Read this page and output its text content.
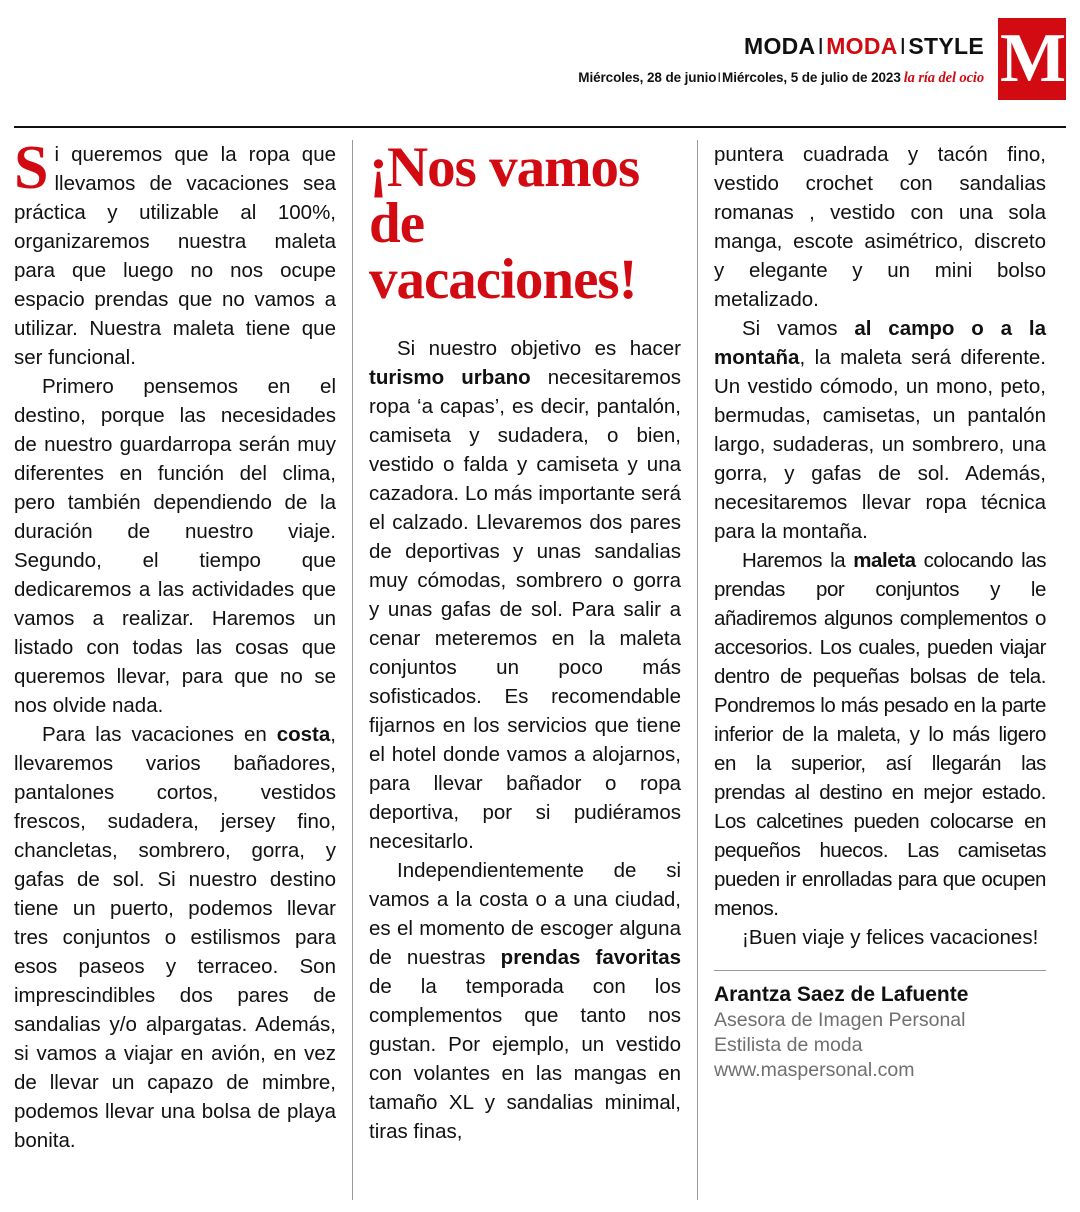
MODAIMODAISTYLE
Miércoles, 28 de junioIMiércoles, 5 de julio de 2023 la ría del ocio M

Si queremos que la ropa que llevamos de vacaciones sea práctica y utilizable al 100%, organizaremos nuestra maleta para que luego no nos ocupe espacio prendas que no vamos a utilizar. Nuestra maleta tiene que ser funcional.

Primero pensemos en el destino, porque las necesidades de nuestro guardarropa serán muy diferentes en función del clima, pero también dependiendo de la duración de nuestro viaje. Segundo, el tiempo que dedicaremos a las actividades que vamos a realizar. Haremos un listado con todas las cosas que queremos llevar, para que no se nos olvide nada.

Para las vacaciones en costa, llevaremos varios bañadores, pantalones cortos, vestidos frescos, sudadera, jersey fino, chancletas, sombrero, gorra, y gafas de sol. Si nuestro destino tiene un puerto, podemos llevar tres conjuntos o estilismos para esos paseos y terraceo. Son imprescindibles dos pares de sandalias y/o alpargatas. Además, si vamos a viajar en avión, en vez de llevar un capazo de mimbre, podemos llevar una bolsa de playa bonita.

¡Nos vamos de vacaciones!

Si nuestro objetivo es hacer turismo urbano necesitaremos ropa ‘a capas’, es decir, pantalón, camiseta y sudadera, o bien, vestido o falda y camiseta y una cazadora. Lo más importante será el calzado. Llevaremos dos pares de deportivas y unas sandalias muy cómodas, sombrero o gorra y unas gafas de sol. Para salir a cenar meteremos en la maleta conjuntos un poco más sofisticados. Es recomendable fijarnos en los servicios que tiene el hotel donde vamos a alojarnos, para llevar bañador o ropa deportiva, por si pudiéramos necesitarlo.

Independientemente de si vamos a la costa o a una ciudad, es el momento de escoger alguna de nuestras prendas favoritas de la temporada con los complementos que tanto nos gustan. Por ejemplo, un vestido con volantes en las mangas en tamaño XL y sandalias minimal, tiras finas,

puntera cuadrada y tacón fino, vestido crochet con sandalias romanas , vestido con una sola manga, escote asimétrico, discreto y elegante y un mini bolso metalizado.

Si vamos al campo o a la montaña, la maleta será diferente. Un vestido cómodo, un mono, peto, bermudas, camisetas, un pantalón largo, sudaderas, un sombrero, una gorra, y gafas de sol. Además, necesitaremos llevar ropa técnica para la montaña.

Haremos la maleta colocando las prendas por conjuntos y le añadiremos algunos complementos o accesorios. Los cuales, pueden viajar dentro de pequeñas bolsas de tela. Pondremos lo más pesado en la parte inferior de la maleta, y lo más ligero en la superior, así llegarán las prendas al destino en mejor estado. Los calcetines pueden colocarse en pequeños huecos. Las camisetas pueden ir enrolladas para que ocupen menos.

¡Buen viaje y felices vacaciones!

Arantza Saez de Lafuente
Asesora de Imagen Personal
Estilista de moda
www.maspersonal.com
